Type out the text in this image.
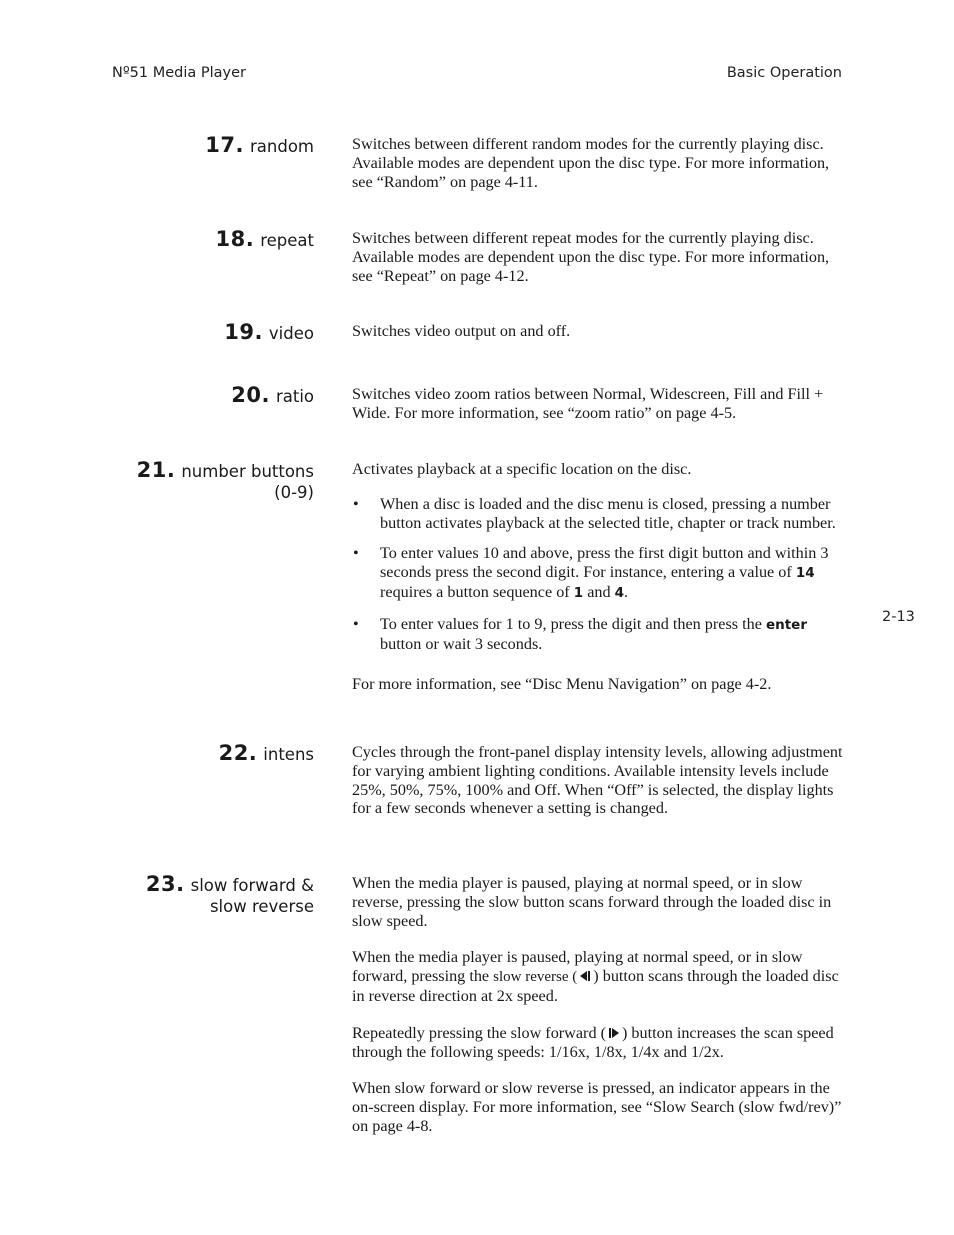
Nº51 Media Player	Basic Operation
2-13
17. random Switches between different random modes for the currently playing disc. Available modes are dependent upon the disc type. For more information, see “Random” on page 4-11.

18. repeat Switches between different repeat modes for the currently playing disc. Available modes are dependent upon the disc type. For more information, see “Repeat” on page 4-12.

19. video Switches video output on and off.

20. ratio Switches video zoom ratios between Normal, Widescreen, Fill and Fill + Wide. For more information, see “zoom ratio” on page 4-5.

21. number buttons
(0-9)

Activates playback at a specific location on the disc.

• When a disc is loaded and the disc menu is closed, pressing a number button activates playback at the selected title, chapter or track number.
• To enter values 10 and above, press the first digit button and within 3 seconds press the second digit. For instance, entering a value of 14 requires a button sequence of 1 and 4.
• To enter values for 1 to 9, press the digit and then press the enter button or wait 3 seconds.

For more information, see “Disc Menu Navigation” on page 4-2.

22. intens Cycles through the front-panel display intensity levels, allowing adjustment for varying ambient lighting conditions. Available intensity levels include 25%, 50%, 75%, 100% and Off. When “Off” is selected, the display lights for a few seconds whenever a setting is changed.

23. slow forward &
slow reverse

When the media player is paused, playing at normal speed, or in slow reverse, pressing the slow button scans forward through the loaded disc in slow speed.

When the media player is paused, playing at normal speed, or in slow forward, pressing the slow reverse ( ) button scans through the loaded disc in reverse direction at 2x speed.

Repeatedly pressing the slow forward ( ) button increases the scan speed through the following speeds: 1/16x, 1/8x, 1/4x and 1/2x.

When slow forward or slow reverse is pressed, an indicator appears in the on-screen display. For more information, see “Slow Search (slow fwd/rev)” on page 4-8.
